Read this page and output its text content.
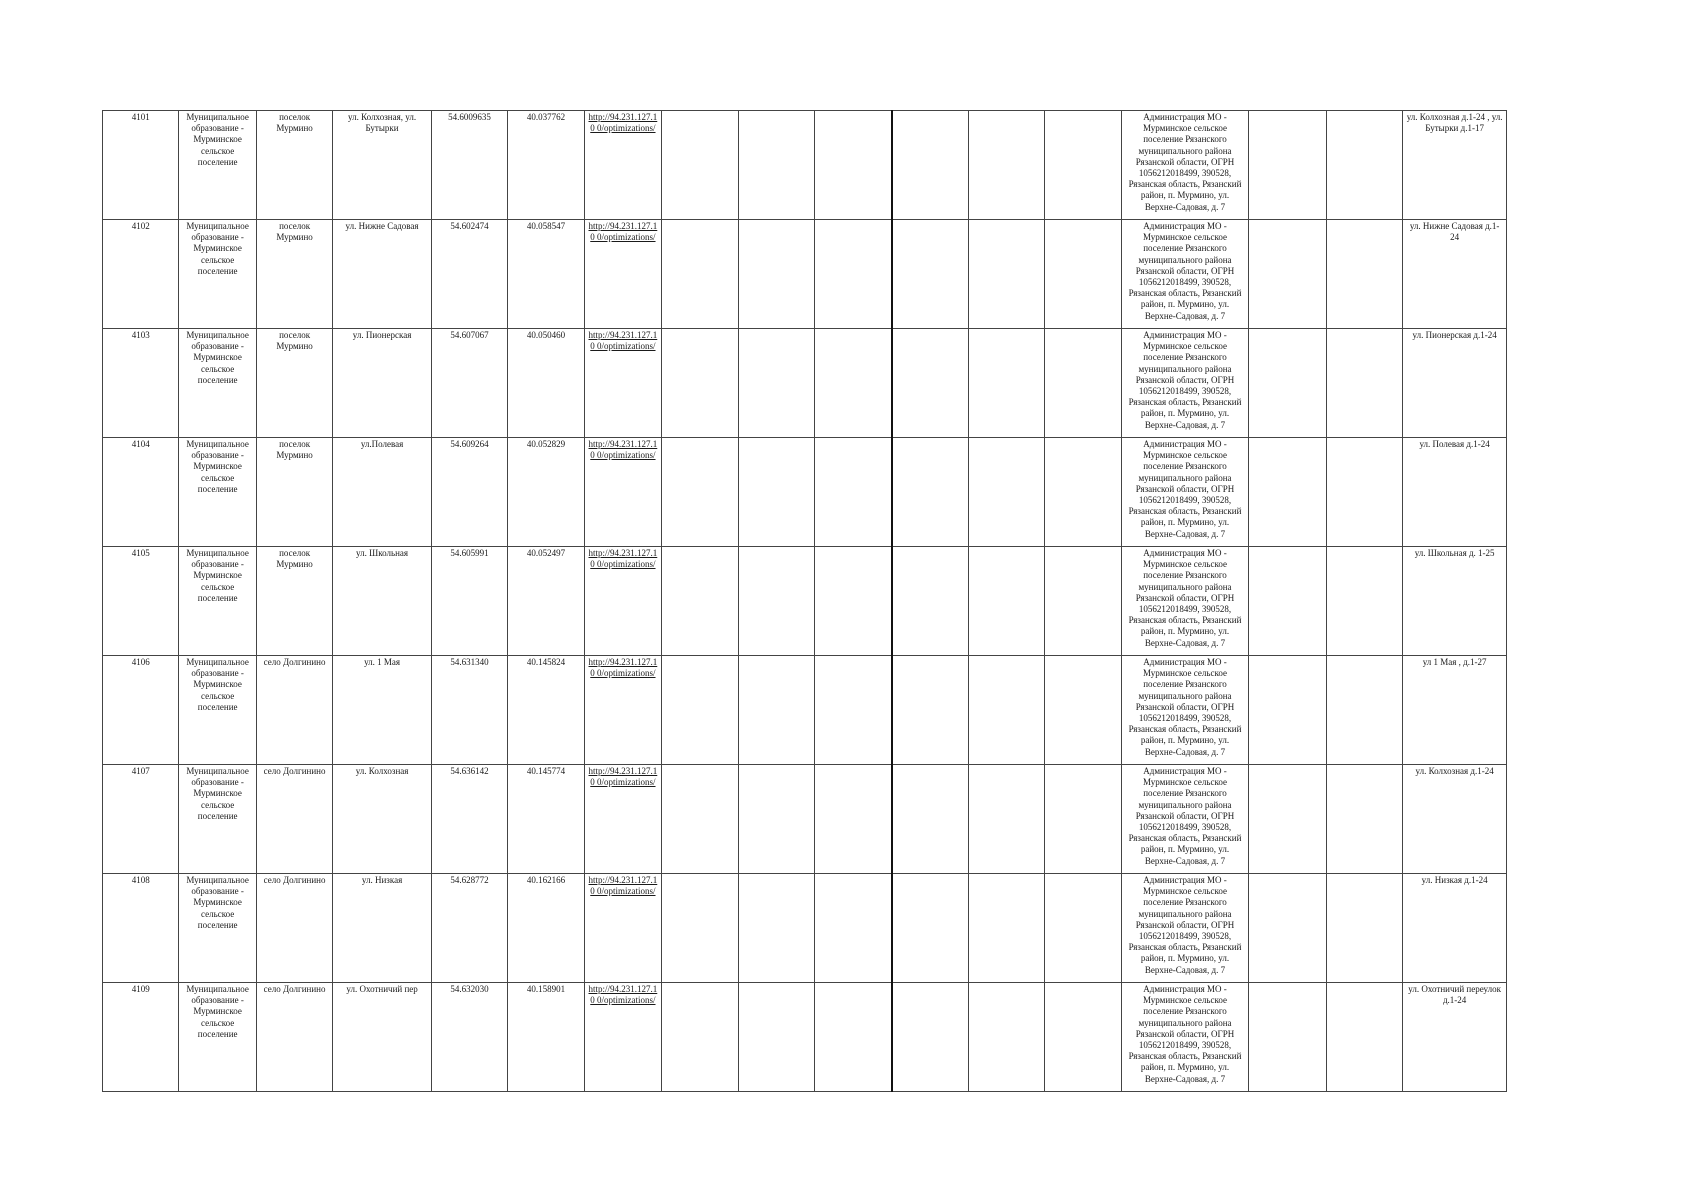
4101	Муниципальное образование - Мурминское сельское поселение	поселок Мурмино	ул. Колхозная, ул. Бутырки	54.6009635	40.037762	http://94.231.127.10 0/optimizations/							Администрация МО - Мурминское сельское поселение Рязанского муниципального района Рязанской области, ОГРН 1056212018499, 390528, Рязанская область, Рязанский район, п. Мурмино, ул. Верхне-Садовая, д. 7			ул. Колхозная д.1-24 , ул. Бутырки д.1-17
4102	Муниципальное образование - Мурминское сельское поселение	поселок Мурмино	ул. Нижне Садовая	54.602474	40.058547	http://94.231.127.10 0/optimizations/							Администрация МО - Мурминское сельское поселение Рязанского муниципального района Рязанской области, ОГРН 1056212018499, 390528, Рязанская область, Рязанский район, п. Мурмино, ул. Верхне-Садовая, д. 7			ул. Нижне Садовая д.1-24
4103	Муниципальное образование - Мурминское сельское поселение	поселок Мурмино	ул. Пионерская	54.607067	40.050460	http://94.231.127.10 0/optimizations/							Администрация МО - Мурминское сельское поселение Рязанского муниципального района Рязанской области, ОГРН 1056212018499, 390528, Рязанская область, Рязанский район, п. Мурмино, ул. Верхне-Садовая, д. 7			ул. Пионерская д.1-24
4104	Муниципальное образование - Мурминское сельское поселение	поселок Мурмино	ул.Полевая	54.609264	40.052829	http://94.231.127.10 0/optimizations/							Администрация МО - Мурминское сельское поселение Рязанского муниципального района Рязанской области, ОГРН 1056212018499, 390528, Рязанская область, Рязанский район, п. Мурмино, ул. Верхне-Садовая, д. 7			ул. Полевая д.1-24
4105	Муниципальное образование - Мурминское сельское поселение	поселок Мурмино	ул. Школьная	54.605991	40.052497	http://94.231.127.10 0/optimizations/							Администрация МО - Мурминское сельское поселение Рязанского муниципального района Рязанской области, ОГРН 1056212018499, 390528, Рязанская область, Рязанский район, п. Мурмино, ул. Верхне-Садовая, д. 7			ул. Школьная д. 1-25
4106	Муниципальное образование - Мурминское сельское поселение	село Долгинино	ул. 1 Мая	54.631340	40.145824	http://94.231.127.10 0/optimizations/							Администрация МО - Мурминское сельское поселение Рязанского муниципального района Рязанской области, ОГРН 1056212018499, 390528, Рязанская область, Рязанский район, п. Мурмино, ул. Верхне-Садовая, д. 7			ул 1 Мая , д.1-27
4107	Муниципальное образование - Мурминское сельское поселение	село Долгинино	ул. Колхозная	54.636142	40.145774	http://94.231.127.10 0/optimizations/							Администрация МО - Мурминское сельское поселение Рязанского муниципального района Рязанской области, ОГРН 1056212018499, 390528, Рязанская область, Рязанский район, п. Мурмино, ул. Верхне-Садовая, д. 7			ул. Колхозная д.1-24
4108	Муниципальное образование - Мурминское сельское поселение	село Долгинино	ул. Низкая	54.628772	40.162166	http://94.231.127.10 0/optimizations/							Администрация МО - Мурминское сельское поселение Рязанского муниципального района Рязанской области, ОГРН 1056212018499, 390528, Рязанская область, Рязанский район, п. Мурмино, ул. Верхне-Садовая, д. 7			ул. Низкая д.1-24
4109	Муниципальное образование - Мурминское сельское поселение	село Долгинино	ул. Охотничий пер	54.632030	40.158901	http://94.231.127.10 0/optimizations/							Администрация МО - Мурминское сельское поселение Рязанского муниципального района Рязанской области, ОГРН 1056212018499, 390528, Рязанская область, Рязанский район, п. Мурмино, ул. Верхне-Садовая, д. 7			ул. Охотничий переулок д.1-24
